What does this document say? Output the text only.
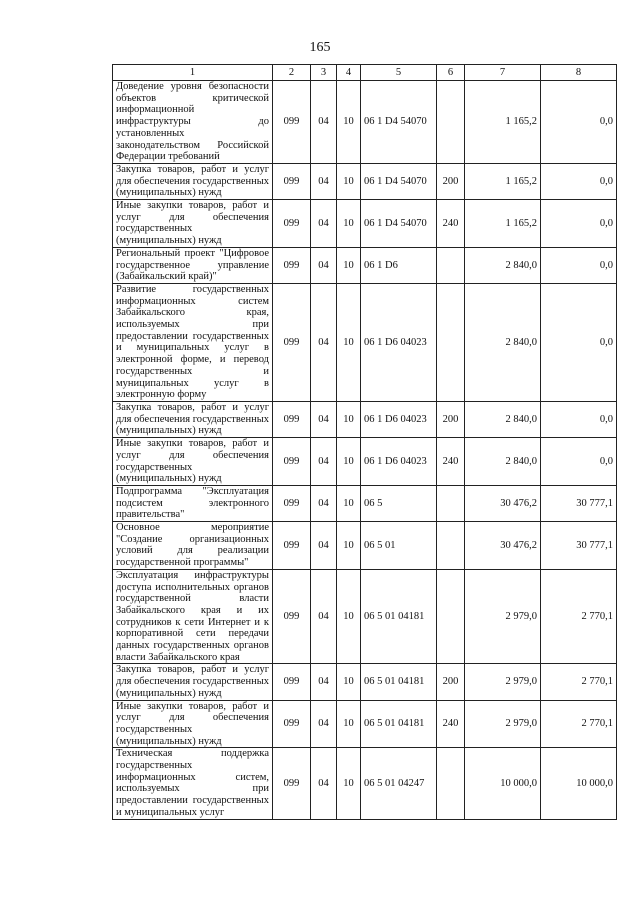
165
1	2	3	4	5	6	7	8
Доведение уровня безопасности объектов критической информационной инфраструктуры до установленных законодательством Российской Федерации требований	099	04	10	06 1 D4 54070		1 165,2	0,0
Закупка товаров, работ и услуг для обеспечения государственных (муниципальных) нужд	099	04	10	06 1 D4 54070	200	1 165,2	0,0
Иные закупки товаров, работ и услуг для обеспечения государственных (муниципальных) нужд	099	04	10	06 1 D4 54070	240	1 165,2	0,0
Региональный проект "Цифровое государственное управление (Забайкальский край)"	099	04	10	06 1 D6		2 840,0	0,0
Развитие государственных информационных систем Забайкальского края, используемых при предоставлении государственных и муниципальных услуг в электронной форме, и перевод государственных и муниципальных услуг в электронную форму	099	04	10	06 1 D6 04023		2 840,0	0,0
Закупка товаров, работ и услуг для обеспечения государственных (муниципальных) нужд	099	04	10	06 1 D6 04023	200	2 840,0	0,0
Иные закупки товаров, работ и услуг для обеспечения государственных (муниципальных) нужд	099	04	10	06 1 D6 04023	240	2 840,0	0,0
Подпрограмма "Эксплуатация подсистем электронного правительства"	099	04	10	06 5		30 476,2	30 777,1
Основное мероприятие "Создание организационных условий для реализации государственной программы"	099	04	10	06 5 01		30 476,2	30 777,1
Эксплуатация инфраструктуры доступа исполнительных органов государственной власти Забайкальского края и их сотрудников к сети Интернет и к корпоративной сети передачи данных государственных органов власти Забайкальского края	099	04	10	06 5 01 04181		2 979,0	2 770,1
Закупка товаров, работ и услуг для обеспечения государственных (муниципальных) нужд	099	04	10	06 5 01 04181	200	2 979,0	2 770,1
Иные закупки товаров, работ и услуг для обеспечения государственных (муниципальных) нужд	099	04	10	06 5 01 04181	240	2 979,0	2 770,1
Техническая поддержка государственных информационных систем, используемых при предоставлении государственных и муниципальных услуг	099	04	10	06 5 01 04247		10 000,0	10 000,0
